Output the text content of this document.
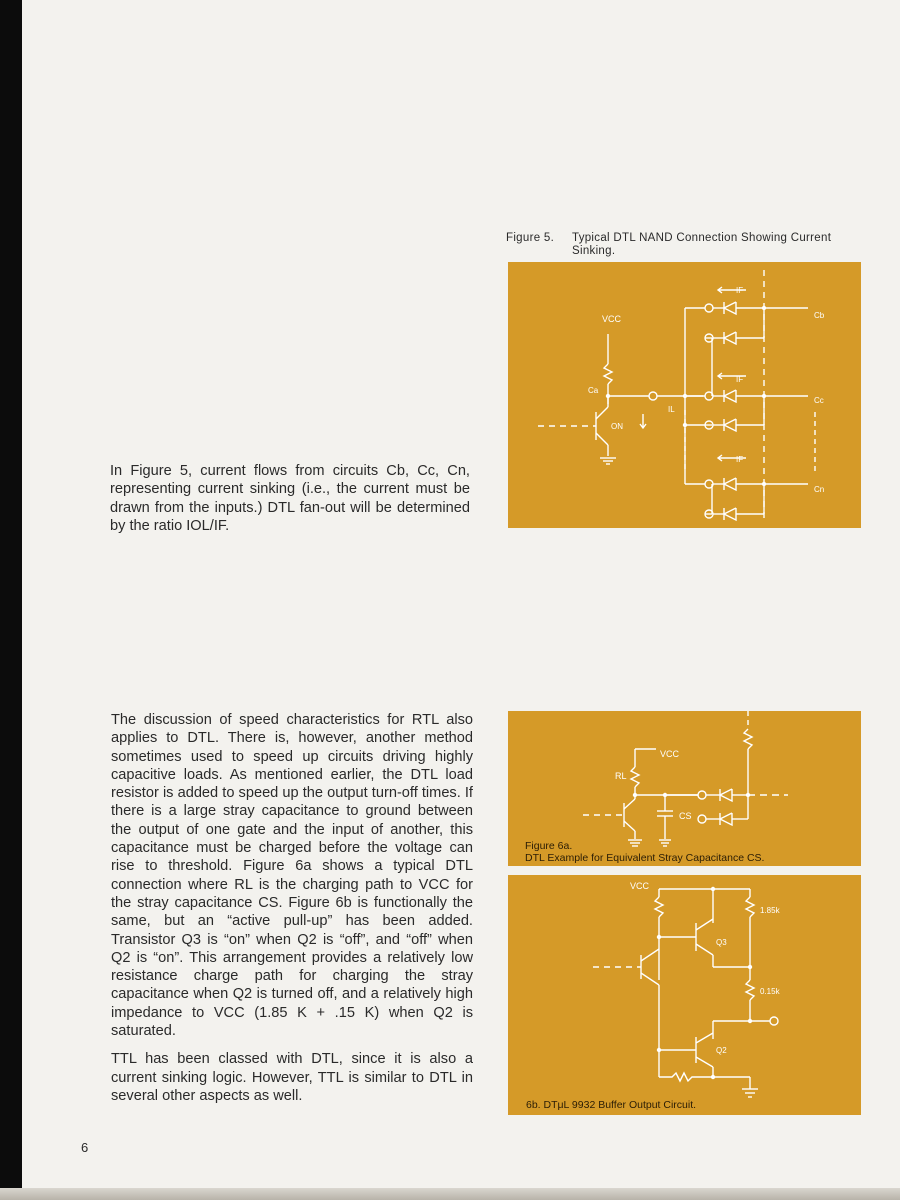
Figure 5. Typical DTL NAND Connection Showing Current
Sinking.
VCC
Ca
ON
IL
IF
IF
IF
Cb
Cc
Cn

In Figure 5, current flows from circuits Cb, Cc, Cn, representing current sinking (i.e., the current must be drawn from the inputs.) DTL fan-out will be determined by the ratio IOL/IF.

VCC
RL
CS
Figure 6a.
DTL Example for Equivalent Stray Capacitance CS.
VCC
1.85k
0.15k
Q3
Q2
6b. DTμL 9932 Buffer Output Circuit.

The discussion of speed characteristics for RTL also applies to DTL. There is, however, another method sometimes used to speed up circuits driving highly capacitive loads. As mentioned earlier, the DTL load resistor is added to speed up the output turn-off times. If there is a large stray capacitance to ground between the output of one gate and the input of another, this capacitance must be charged before the voltage can rise to threshold. Figure 6a shows a typical DTL connection where RL is the charging path to VCC for the stray capacitance CS. Figure 6b is functionally the same, but an “active pull-up” has been added. Transistor Q3 is “on” when Q2 is “off”, and “off” when Q2 is “on”. This arrangement provides a relatively low resistance charge path for charging the stray capacitance when Q2 is turned off, and a relatively high impedance to VCC (1.85 K + .15 K) when Q2 is saturated.

TTL has been classed with DTL, since it is also a current sinking logic. However, TTL is similar to DTL in several other aspects as well.

6
